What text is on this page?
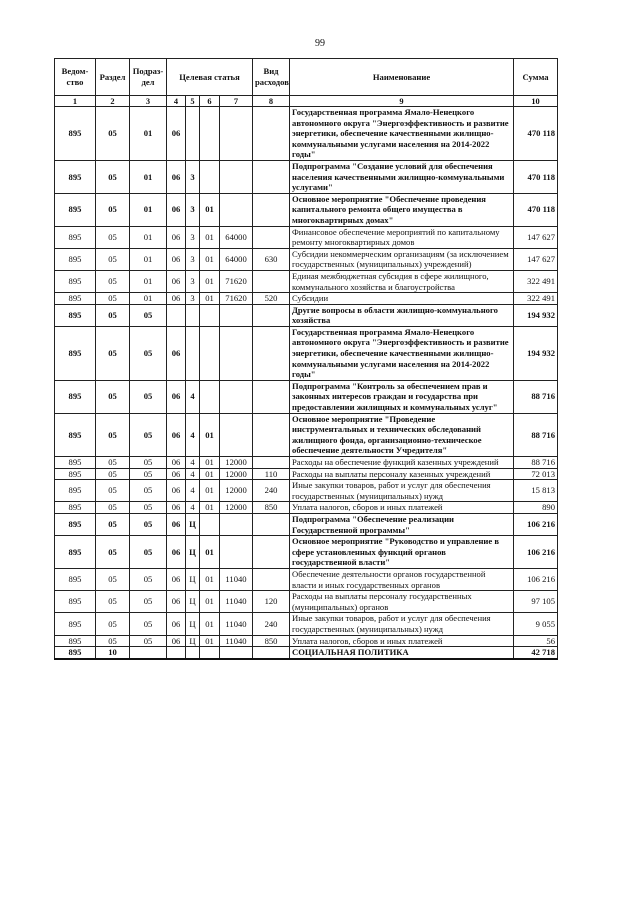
99
Ведом-ство	Раздел	Подраз-дел	Целевая статья				Вид расходов	Наименование	Сумма
1	2	3	4	5	6	7	8	9	10
895	05	01	06					Государственная программа Ямало-Ненецкого автономного округа "Энергоэффективность и развитие энергетики, обеспечение качественными жилищно-коммунальными услугами населения на 2014-2022 годы"	470 118
895	05	01	06	3				Подпрограмма "Создание условий для обеспечения населения качественными жилищно-коммунальными услугами"	470 118
895	05	01	06	3	01			Основное мероприятие "Обеспечение проведения капитального ремонта общего имущества в многоквартирных домах"	470 118
895	05	01	06	3	01	64000		Финансовое обеспечение мероприятий по капитальному ремонту многоквартирных домов	147 627
895	05	01	06	3	01	64000	630	Субсидии некоммерческим организациям (за исключением государственных (муниципальных) учреждений)	147 627
895	05	01	06	3	01	71620		Единая межбюджетная субсидия в сфере жилищного, коммунального хозяйства и благоустройства	322 491
895	05	01	06	3	01	71620	520	Субсидии	322 491
895	05	05						Другие вопросы в области жилищно-коммунального хозяйства	194 932
895	05	05	06					Государственная программа Ямало-Ненецкого автономного округа "Энергоэффективность и развитие энергетики, обеспечение качественными жилищно-коммунальными услугами населения на 2014-2022 годы"	194 932
895	05	05	06	4				Подпрограмма "Контроль за обеспечением прав и законных интересов граждан и государства при предоставлении жилищных и коммунальных услуг"	88 716
895	05	05	06	4	01			Основное мероприятие "Проведение инструментальных и технических обследований жилищного фонда, организационно-техническое обеспечение деятельности Учредителя"	88 716
895	05	05	06	4	01	12000		Расходы на обеспечение функций казенных учреждений	88 716
895	05	05	06	4	01	12000	110	Расходы на выплаты персоналу казенных учреждений	72 013
895	05	05	06	4	01	12000	240	Иные закупки товаров, работ и услуг для обеспечения государственных (муниципальных) нужд	15 813
895	05	05	06	4	01	12000	850	Уплата налогов, сборов и иных платежей	890
895	05	05	06	Ц				Подпрограмма "Обеспечение реализации Государственной программы"	106 216
895	05	05	06	Ц	01			Основное мероприятие "Руководство и управление в сфере установленных функций органов государственной власти"	106 216
895	05	05	06	Ц	01	11040		Обеспечение деятельности органов государственной власти и иных государственных органов	106 216
895	05	05	06	Ц	01	11040	120	Расходы на выплаты персоналу государственных (муниципальных) органов	97 105
895	05	05	06	Ц	01	11040	240	Иные закупки товаров, работ и услуг для обеспечения государственных (муниципальных) нужд	9 055
895	05	05	06	Ц	01	11040	850	Уплата налогов, сборов и иных платежей	56
895	10							СОЦИАЛЬНАЯ ПОЛИТИКА	42 718
